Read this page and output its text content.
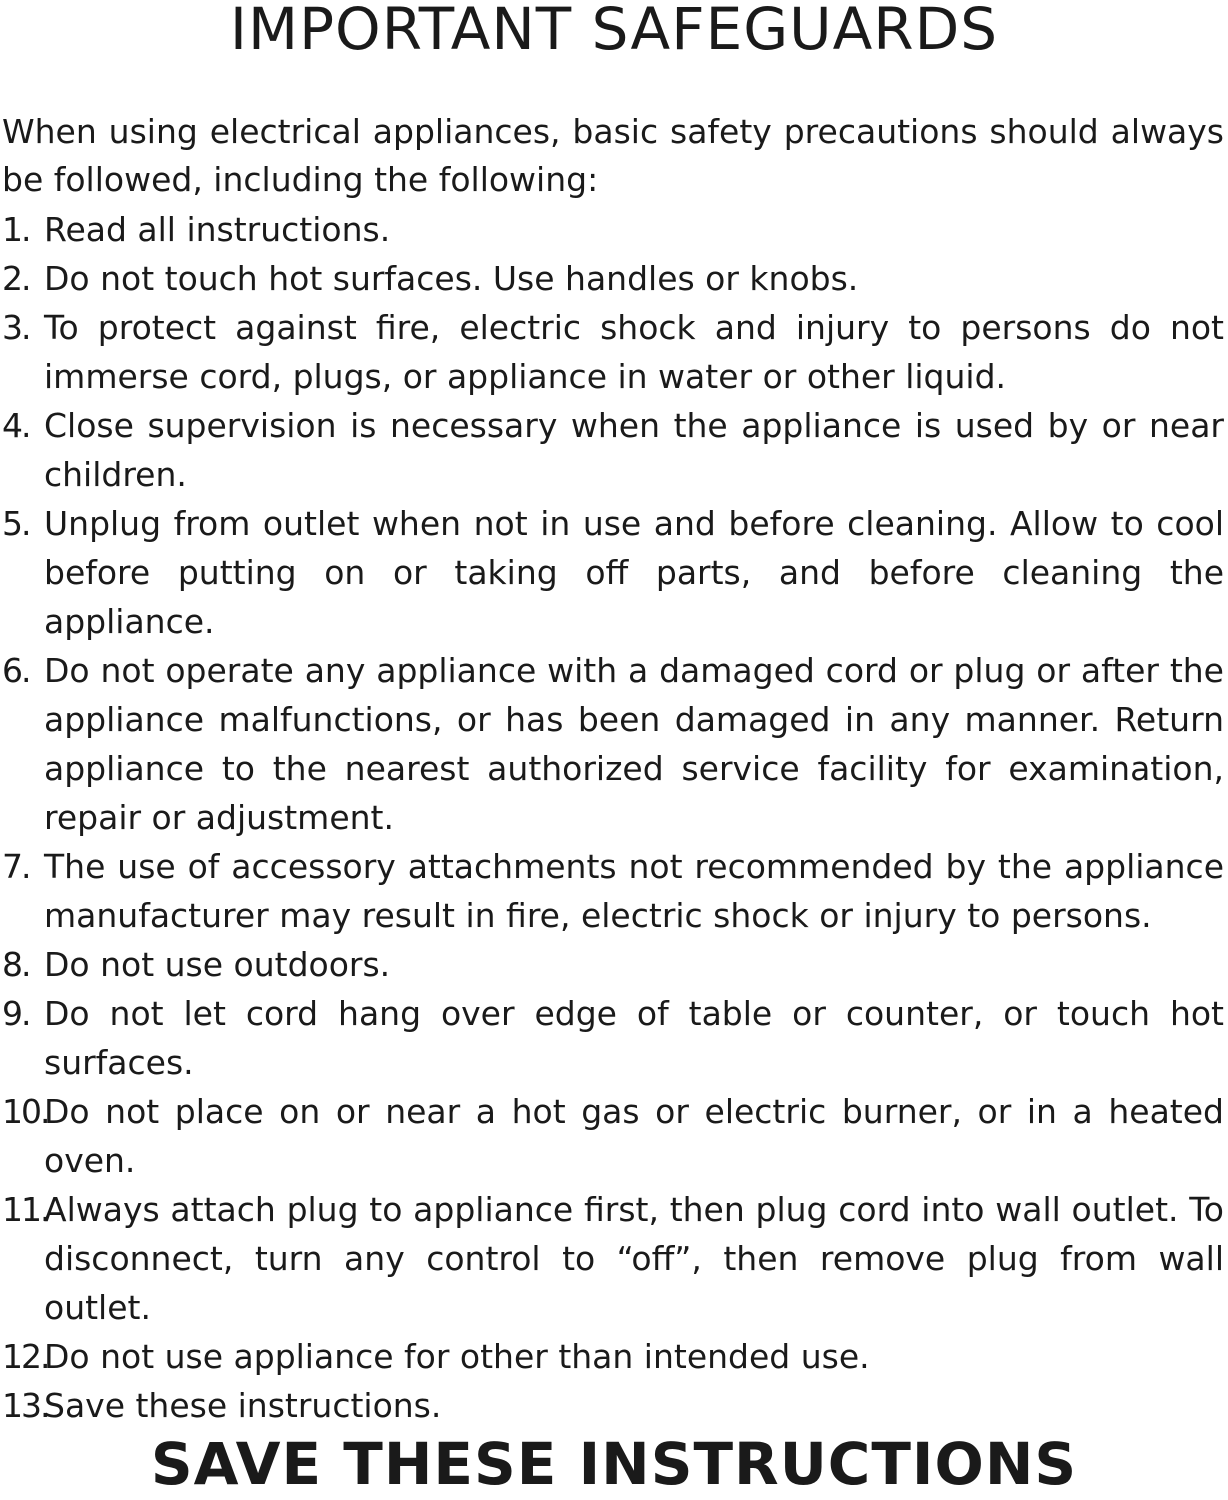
IMPORTANT SAFEGUARDS

When using electrical appliances, basic safety precautions should always be followed, including the following:

1. Read all instructions.
2. Do not touch hot surfaces. Use handles or knobs.
3. To protect against fire, electric shock and injury to persons do not immerse cord, plugs, or appliance in water or other liquid.
4. Close supervision is necessary when the appliance is used by or near children.
5. Unplug from outlet when not in use and before cleaning. Allow to cool before putting on or taking off parts, and before cleaning the appliance.
6. Do not operate any appliance with a damaged cord or plug or after the appliance malfunctions, or has been damaged in any manner. Return appliance to the nearest authorized service facility for examination, repair or adjustment.
7. The use of accessory attachments not recommended by the appliance manufacturer may result in fire, electric shock or injury to persons.
8. Do not use outdoors.
9. Do not let cord hang over edge of table or counter, or touch hot surfaces.
10.
Do not place on or near a hot gas or electric burner, or in a heated oven.
11.
Always attach plug to appliance first, then plug cord into wall outlet. To disconnect, turn any control to “off”, then remove plug from wall outlet.
12.
Do not use appliance for other than intended use.
13.
Save these instructions.
SAVE THESE INSTRUCTIONS
